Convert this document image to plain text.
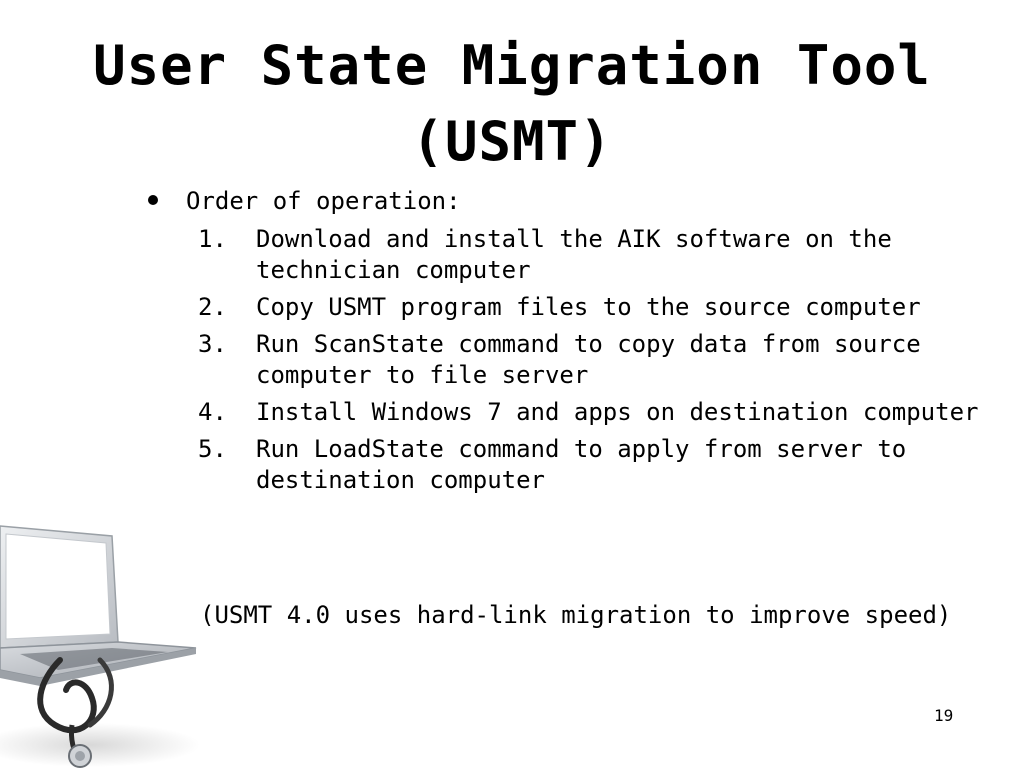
User State Migration Tool (USMT)
Order of operation:
1. Download and install the AIK software on the technician computer
2. Copy USMT program files to the source computer
3. Run ScanState command to copy data from source computer to file server
4. Install Windows 7 and apps on destination computer
5. Run LoadState command to apply from server to destination computer
(USMT 4.0 uses hard-link migration to improve speed)
19
